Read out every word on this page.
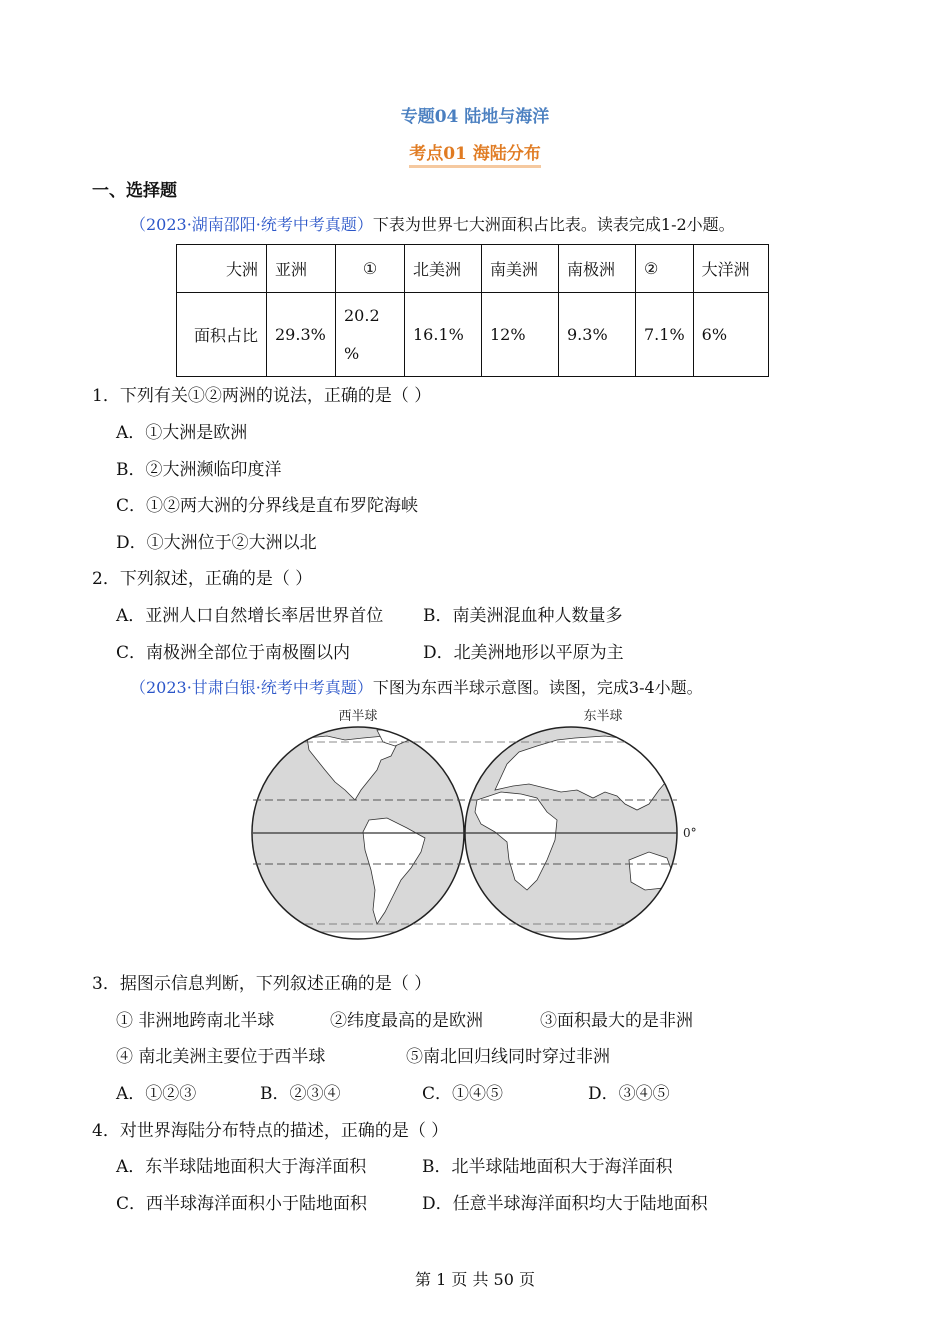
专题04 陆地与海洋
考点01 海陆分布
一、选择题
（2023·湖南邵阳·统考中考真题）下表为世界七大洲面积占比表。读表完成1-2小题。
大洲	亚洲	①	北美洲	南美洲	南极洲	②	大洋洲
面积占比	29.3%	20.2
%	16.1%	12%	9.3%	7.1%	6%
1．下列有关①②两洲的说法，正确的是（ ）
A．①大洲是欧洲
B．②大洲濒临印度洋
C．①②两大洲的分界线是直布罗陀海峡
D．①大洲位于②大洲以北
2．下列叙述，正确的是（ ）
A．亚洲人口自然增长率居世界首位 B．南美洲混血种人数量多
C．南极洲全部位于南极圈以内	D．北美洲地形以平原为主
（2023·甘肃白银·统考中考真题）下图为东西半球示意图。读图，完成3-4小题。
西半球	东半球
0°
3．据图示信息判断，下列叙述正确的是（ ）
① 非洲地跨南北半球	②纬度最高的是欧洲	③面积最大的是非洲
④ 南北美洲主要位于西半球	⑤南北回归线同时穿过非洲
A．①②③	B．②③④	C．①④⑤	D．③④⑤
4．对世界海陆分布特点的描述，正确的是（ ）
A．东半球陆地面积大于海洋面积	B．北半球陆地面积大于海洋面积
C．西半球海洋面积小于陆地面积	D．任意半球海洋面积均大于陆地面积
第 1 页 共 50 页
